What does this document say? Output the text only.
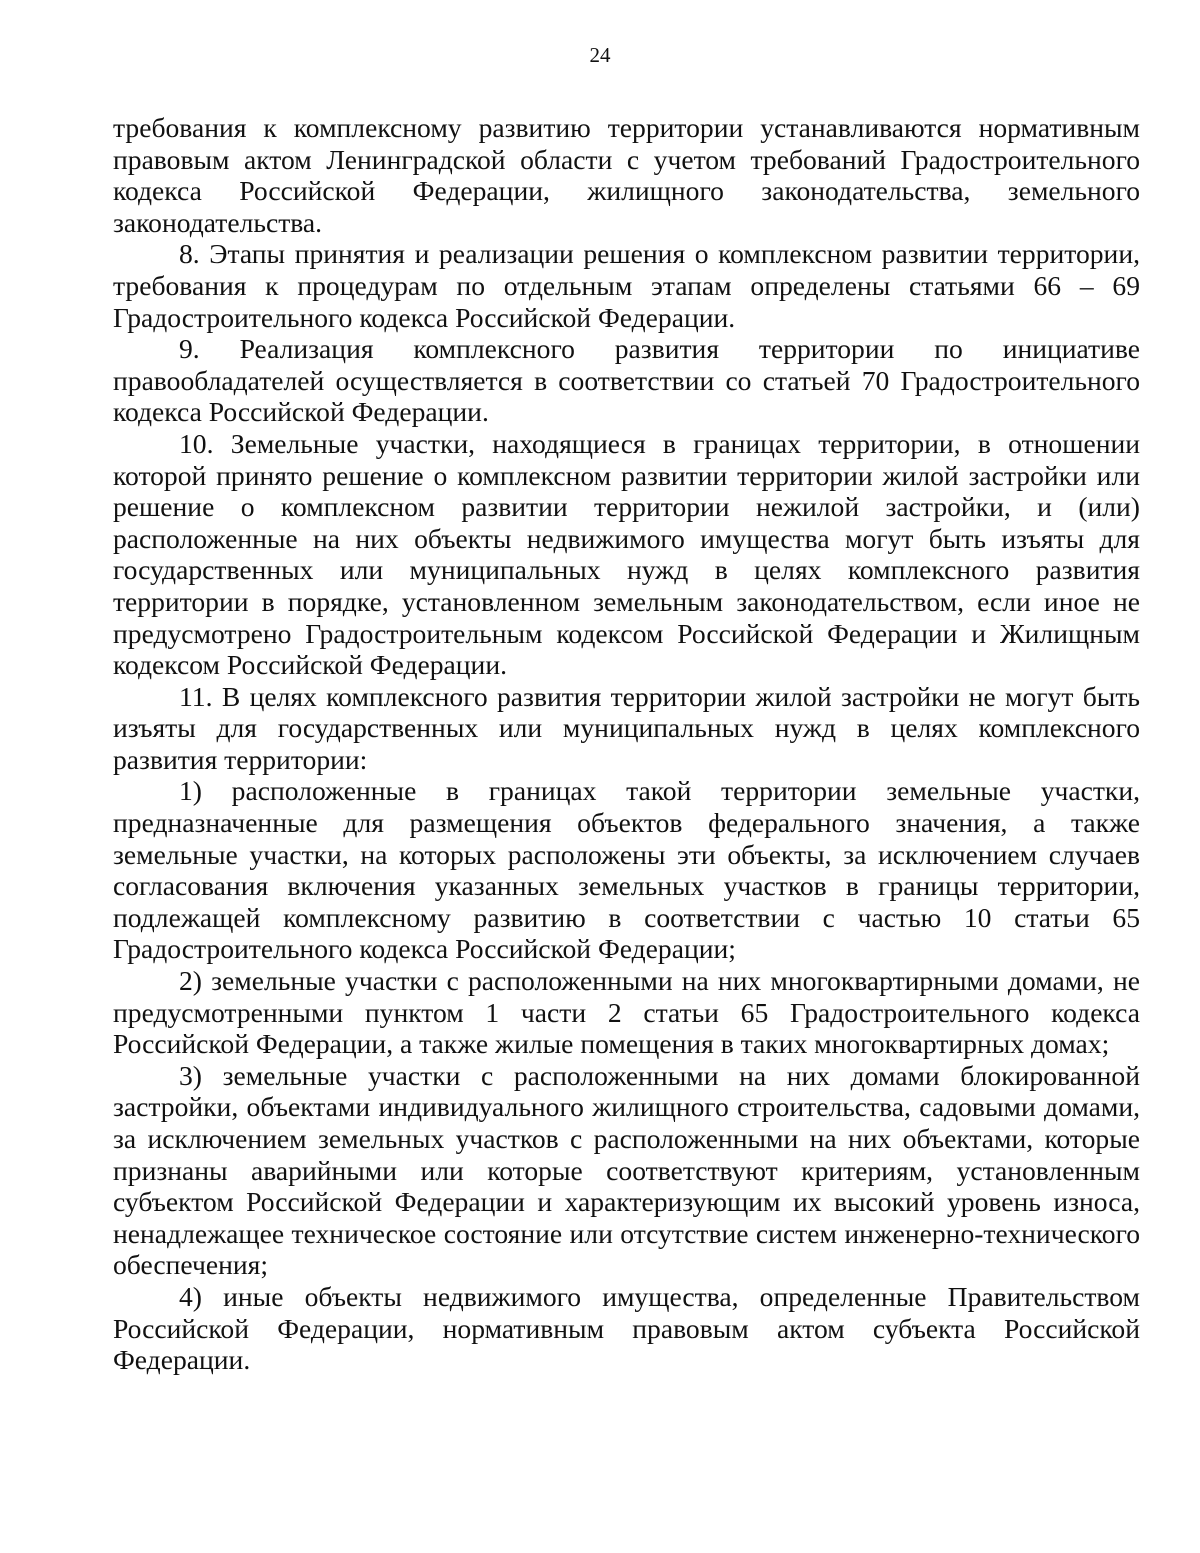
24

требования к комплексному развитию территории устанавливаются нормативным правовым актом Ленинградской области с учетом требований Градостроительного кодекса Российской Федерации, жилищного законодательства, земельного законодательства.

8. Этапы принятия и реализации решения о комплексном развитии территории, требования к процедурам по отдельным этапам определены статьями 66 – 69 Градостроительного кодекса Российской Федерации.

9. Реализация комплексного развития территории по инициативе правообладателей осуществляется в соответствии со статьей 70 Градостроительного кодекса Российской Федерации.

10. Земельные участки, находящиеся в границах территории, в отношении которой принято решение о комплексном развитии территории жилой застройки или решение о комплексном развитии территории нежилой застройки, и (или) расположенные на них объекты недвижимого имущества могут быть изъяты для государственных или муниципальных нужд в целях комплексного развития территории в порядке, установленном земельным законодательством, если иное не предусмотрено Градостроительным кодексом Российской Федерации и Жилищным кодексом Российской Федерации.

11. В целях комплексного развития территории жилой застройки не могут быть изъяты для государственных или муниципальных нужд в целях комплексного развития территории:

1) расположенные в границах такой территории земельные участки, предназначенные для размещения объектов федерального значения, а также земельные участки, на которых расположены эти объекты, за исключением случаев согласования включения указанных земельных участков в границы территории, подлежащей комплексному развитию в соответствии с частью 10 статьи 65 Градостроительного кодекса Российской Федерации;

2) земельные участки с расположенными на них многоквартирными домами, не предусмотренными пунктом 1 части 2 статьи 65 Градостроительного кодекса Российской Федерации, а также жилые помещения в таких многоквартирных домах;

3) земельные участки с расположенными на них домами блокированной застройки, объектами индивидуального жилищного строительства, садовыми домами, за исключением земельных участков с расположенными на них объектами, которые признаны аварийными или которые соответствуют критериям, установленным субъектом Российской Федерации и характеризующим их высокий уровень износа, ненадлежащее техническое состояние или отсутствие систем инженерно-технического обеспечения;

4) иные объекты недвижимого имущества, определенные Правительством Российской Федерации, нормативным правовым актом субъекта Российской Федерации.
